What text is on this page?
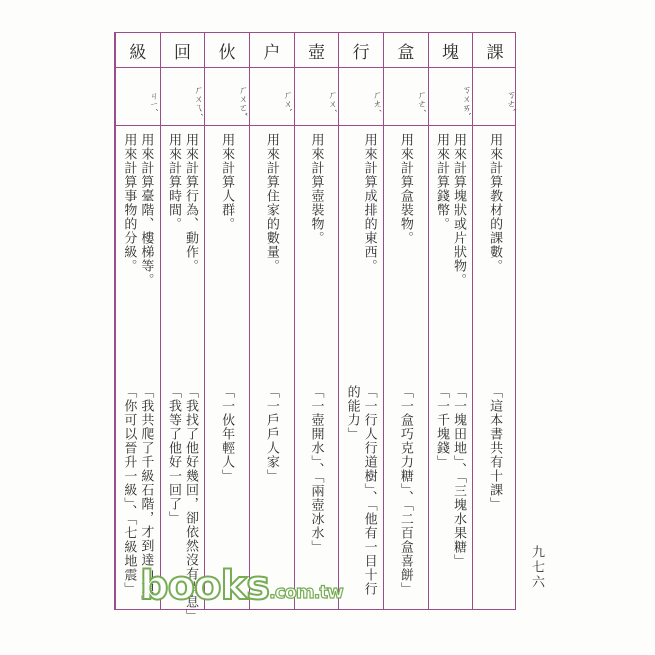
課
ㄎㄜˋ
用來計算教材的課數。
「這本書共有十課」
塊
ㄎㄨㄞˋ
用來計算塊狀或片狀物。
用來計算錢幣。
「一塊田地」、「三塊水果糖」
「一千塊錢」
盒
ㄏㄜˊ
用來計算盒裝物。
「一盒巧克力糖」、「二百盒喜餅」
行
ㄏㄤˊ
用來計算成排的東西。
「一行人行道樹」、「他有一目十行
的能力」
壺
ㄏㄨˊ
用來計算壺裝物。
「一壺開水」、「兩壺冰水」
户
ㄏㄨˋ
用來計算住家的數量。
「一戶戶人家」
伙
ㄏㄨㄛˇ
用來計算人群。
「一伙年輕人」
回
ㄏㄨㄟˊ
用來計算行為、動作。
用來計算時間。
「我找了他好幾回，卻依然沒有消息」
「我等了他好一回了」
級
ㄐㄧˊ
用來計算臺階、樓梯等。
用來計算事物的分級。
「我共爬了千級石階，才到達山頂」
「你可以晉升一級」、「七級地震」	九七六
books .com .tw
